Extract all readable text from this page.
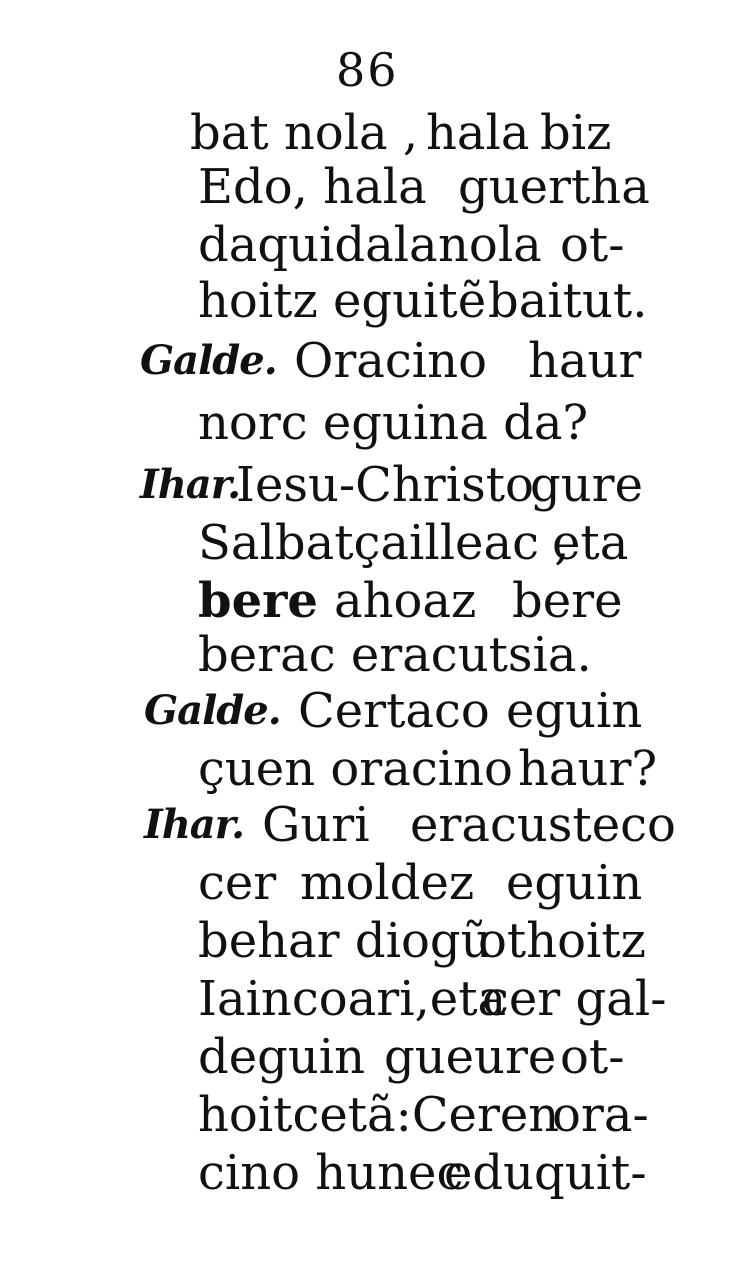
86
bat nola , hala biz
Edo, hala guertha
daquidala nola ot-
hoitz eguitẽ baitut.
Galde. Oracino haur
norc eguina da?
Ihar.
Iesu-Christo
gure
Salbatçailleac ,
eta
bere ahoaz bere
berac eracutsia.
Galde. Certaco eguin
çuen oracino haur?
Ihar. Guri eracusteco
cer moldez eguin
behar diogũ
othoitz
Iaincoari,eta
cer gal-
deguin gueure ot-
hoitcetã:Ceren
ora-
cino hunec
eduquit-
